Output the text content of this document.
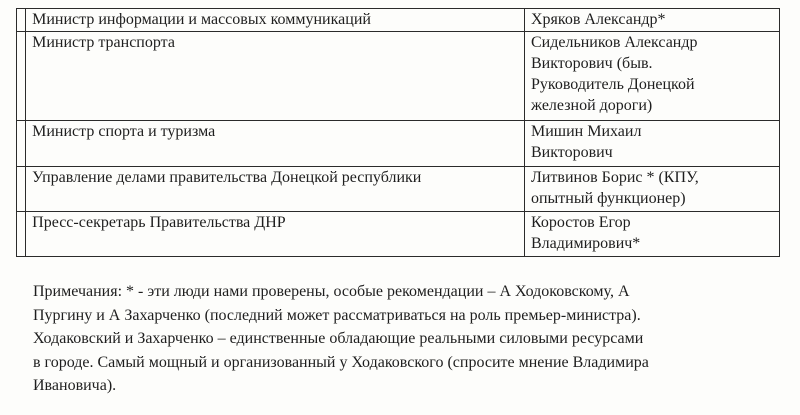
	Министр информации и массовых коммуникаций	Хряков Александр*

	Министр транспорта	Сидельников Александр
Викторович (быв.
Руководитель Донецкой
железной дороги)

	Министр спорта и туризма	Мишин Михаил
Викторович

	Управление делами правительства Донецкой республики	Литвинов Борис * (КПУ,
опытный функционер)

	Пресс-секретарь Правительства ДНР	Коростов Егор
Владимирович*

Примечания: * - эти люди нами проверены, особые рекомендации – А Ходоковскому, А

Пургину и А Захарченко (последний может рассматриваться на роль премьер-министра).

Ходаковский и Захарченко – единственные обладающие реальными силовыми ресурсами

в городе. Самый мощный и организованный у Ходаковского (спросите мнение Владимира

Ивановича).
